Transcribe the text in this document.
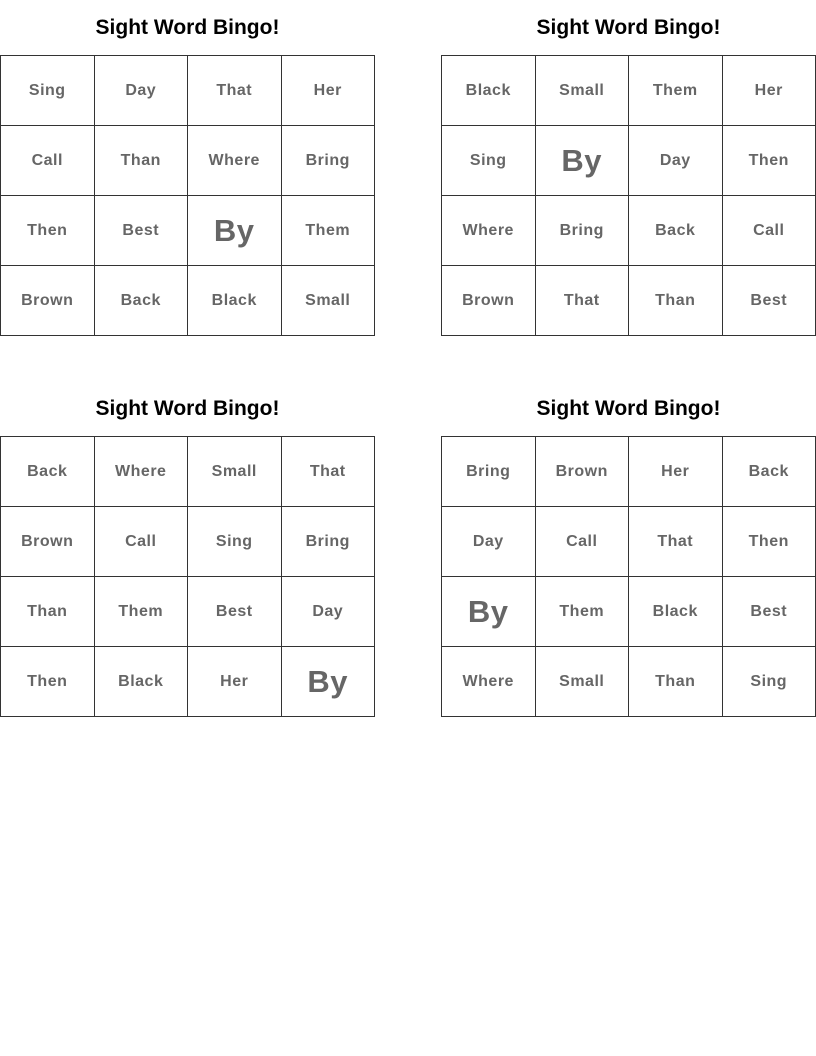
Sight Word Bingo!
Sing	Day	That	Her
Call	Than	Where	Bring
Then	Best	By	Them
Brown	Back	Black	Small
Sight Word Bingo!
Black	Small	Them	Her
Sing	By	Day	Then
Where	Bring	Back	Call
Brown	That	Than	Best
Sight Word Bingo!
Back	Where	Small	That
Brown	Call	Sing	Bring
Than	Them	Best	Day
Then	Black	Her	By
Sight Word Bingo!
Bring	Brown	Her	Back
Day	Call	That	Then
By	Them	Black	Best
Where	Small	Than	Sing
